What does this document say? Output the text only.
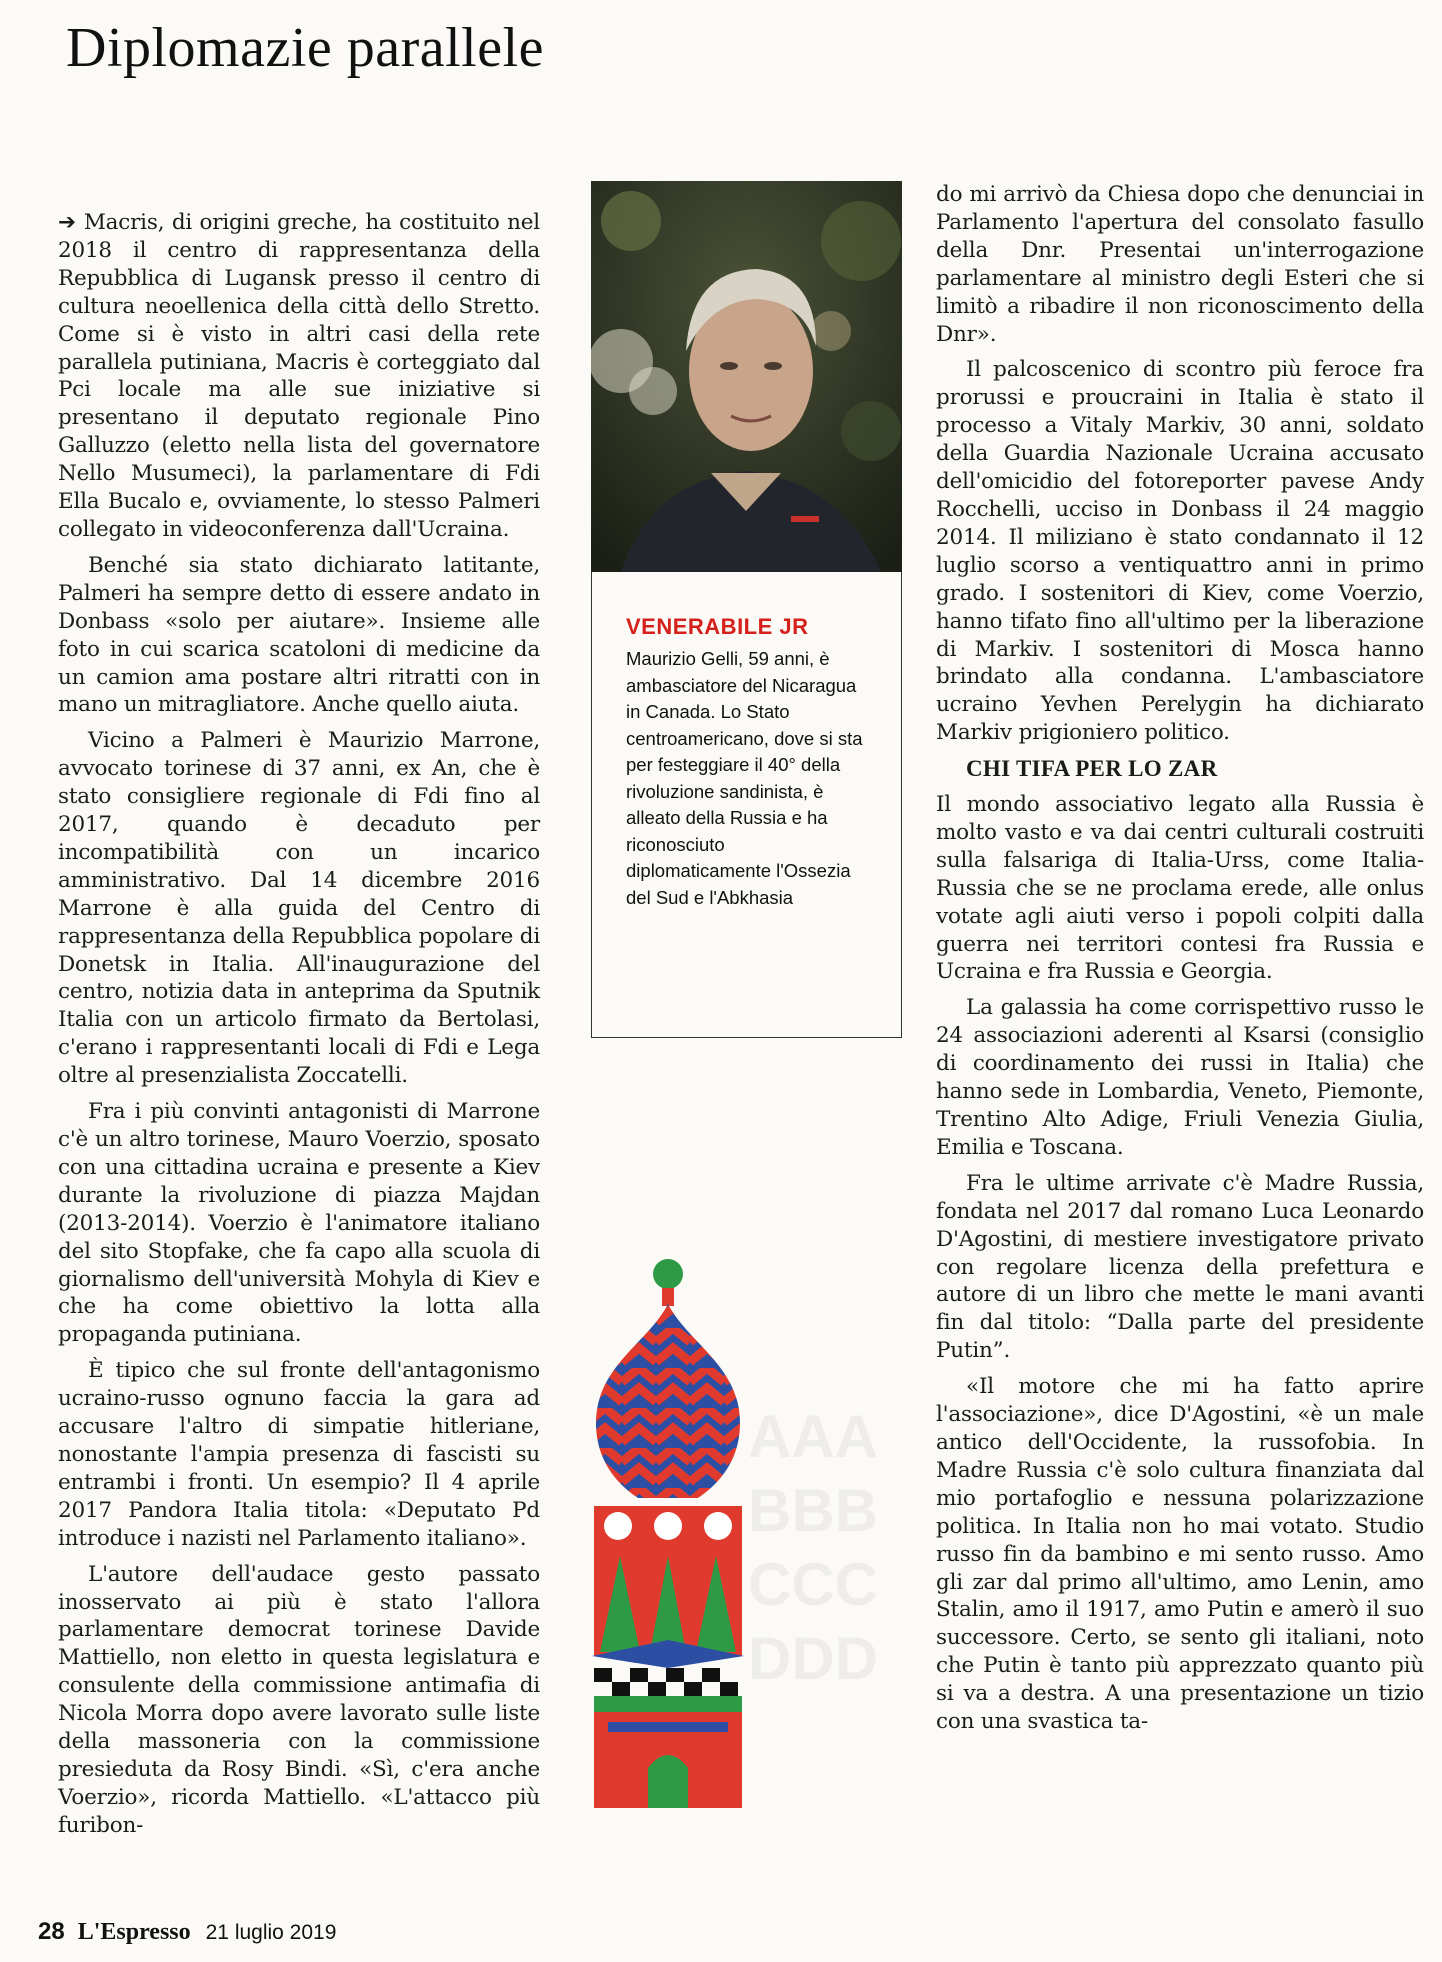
Diplomazie parallele

➔ Macris, di origini greche, ha costituito nel 2018 il centro di rappresentanza della Repubblica di Lugansk presso il centro di cultura neoellenica della città dello Stretto. Come si è visto in altri casi della rete parallela putiniana, Macris è corteggiato dal Pci locale ma alle sue iniziative si presentano il deputato regionale Pino Galluzzo (eletto nella lista del governatore Nello Musumeci), la parlamentare di Fdi Ella Bucalo e, ovviamente, lo stesso Palmeri collegato in videoconferenza dall'Ucraina.

Benché sia stato dichiarato latitante, Palmeri ha sempre detto di essere andato in Donbass «solo per aiutare». Insieme alle foto in cui scarica scatoloni di medicine da un camion ama postare altri ritratti con in mano un mitragliatore. Anche quello aiuta.

Vicino a Palmeri è Maurizio Marrone, avvocato torinese di 37 anni, ex An, che è stato consigliere regionale di Fdi fino al 2017, quando è decaduto per incompatibilità con un incarico amministrativo. Dal 14 dicembre 2016 Marrone è alla guida del Centro di rappresentanza della Repubblica popolare di Donetsk in Italia. All'inaugurazione del centro, notizia data in anteprima da Sputnik Italia con un articolo firmato da Bertolasi, c'erano i rappresentanti locali di Fdi e Lega oltre al presenzialista Zoccatelli.

Fra i più convinti antagonisti di Marrone c'è un altro torinese, Mauro Voerzio, sposato con una cittadina ucraina e presente a Kiev durante la rivoluzione di piazza Majdan (2013-2014). Voerzio è l'animatore italiano del sito Stopfake, che fa capo alla scuola di giornalismo dell'università Mohyla di Kiev e che ha come obiettivo la lotta alla propaganda putiniana.

È tipico che sul fronte dell'antagonismo ucraino-russo ognuno faccia la gara ad accusare l'altro di simpatie hitleriane, nonostante l'ampia presenza di fascisti su entrambi i fronti. Un esempio? Il 4 aprile 2017 Pandora Italia titola: «Deputato Pd introduce i nazisti nel Parlamento italiano».

L'autore dell'audace gesto passato inosservato ai più è stato l'allora parlamentare democrat torinese Davide Mattiello, non eletto in questa legislatura e consulente della commissione antimafia di Nicola Morra dopo avere lavorato sulle liste della massoneria con la commissione presieduta da Rosy Bindi. «Sì, c'era anche Voerzio», ricorda Mattiello. «L'attacco più furibon-

VENERABILE JR
Maurizio Gelli, 59 anni, è ambasciatore del Nicaragua in Canada. Lo Stato centroamericano, dove si sta per festeggiare il 40° della rivoluzione sandinista, è alleato della Russia e ha riconosciuto diplomaticamente l'Ossezia del Sud e l'Abkhasia
AAA
BBB
CCC
DDD

do mi arrivò da Chiesa dopo che denunciai in Parlamento l'apertura del consolato fasullo della Dnr. Presentai un'interrogazione parlamentare al ministro degli Esteri che si limitò a ribadire il non riconoscimento della Dnr».

Il palcoscenico di scontro più feroce fra prorussi e proucraini in Italia è stato il processo a Vitaly Markiv, 30 anni, soldato della Guardia Nazionale Ucraina accusato dell'omicidio del fotoreporter pavese Andy Rocchelli, ucciso in Donbass il 24 maggio 2014. Il miliziano è stato condannato il 12 luglio scorso a ventiquattro anni in primo grado. I sostenitori di Kiev, come Voerzio, hanno tifato fino all'ultimo per la liberazione di Markiv. I sostenitori di Mosca hanno brindato alla condanna. L'ambasciatore ucraino Yevhen Perelygin ha dichiarato Markiv prigioniero politico.

CHI TIFA PER LO ZAR

Il mondo associativo legato alla Russia è molto vasto e va dai centri culturali costruiti sulla falsariga di Italia-Urss, come Italia-Russia che se ne proclama erede, alle onlus votate agli aiuti verso i popoli colpiti dalla guerra nei territori contesi fra Russia e Ucraina e fra Russia e Georgia.

La galassia ha come corrispettivo russo le 24 associazioni aderenti al Ksarsi (consiglio di coordinamento dei russi in Italia) che hanno sede in Lombardia, Veneto, Piemonte, Trentino Alto Adige, Friuli Venezia Giulia, Emilia e Toscana.

Fra le ultime arrivate c'è Madre Russia, fondata nel 2017 dal romano Luca Leonardo D'Agostini, di mestiere investigatore privato con regolare licenza della prefettura e autore di un libro che mette le mani avanti fin dal titolo: “Dalla parte del presidente Putin”.

«Il motore che mi ha fatto aprire l'associazione», dice D'Agostini, «è un male antico dell'Occidente, la russofobia. In Madre Russia c'è solo cultura finanziata dal mio portafoglio e nessuna polarizzazione politica. In Italia non ho mai votato. Studio russo fin da bambino e mi sento russo. Amo gli zar dal primo all'ultimo, amo Lenin, amo Stalin, amo il 1917, amo Putin e amerò il suo successore. Certo, se sento gli italiani, noto che Putin è tanto più apprezzato quanto più si va a destra. A una presentazione un tizio con una svastica ta-

28 L'Espresso 21 luglio 2019
